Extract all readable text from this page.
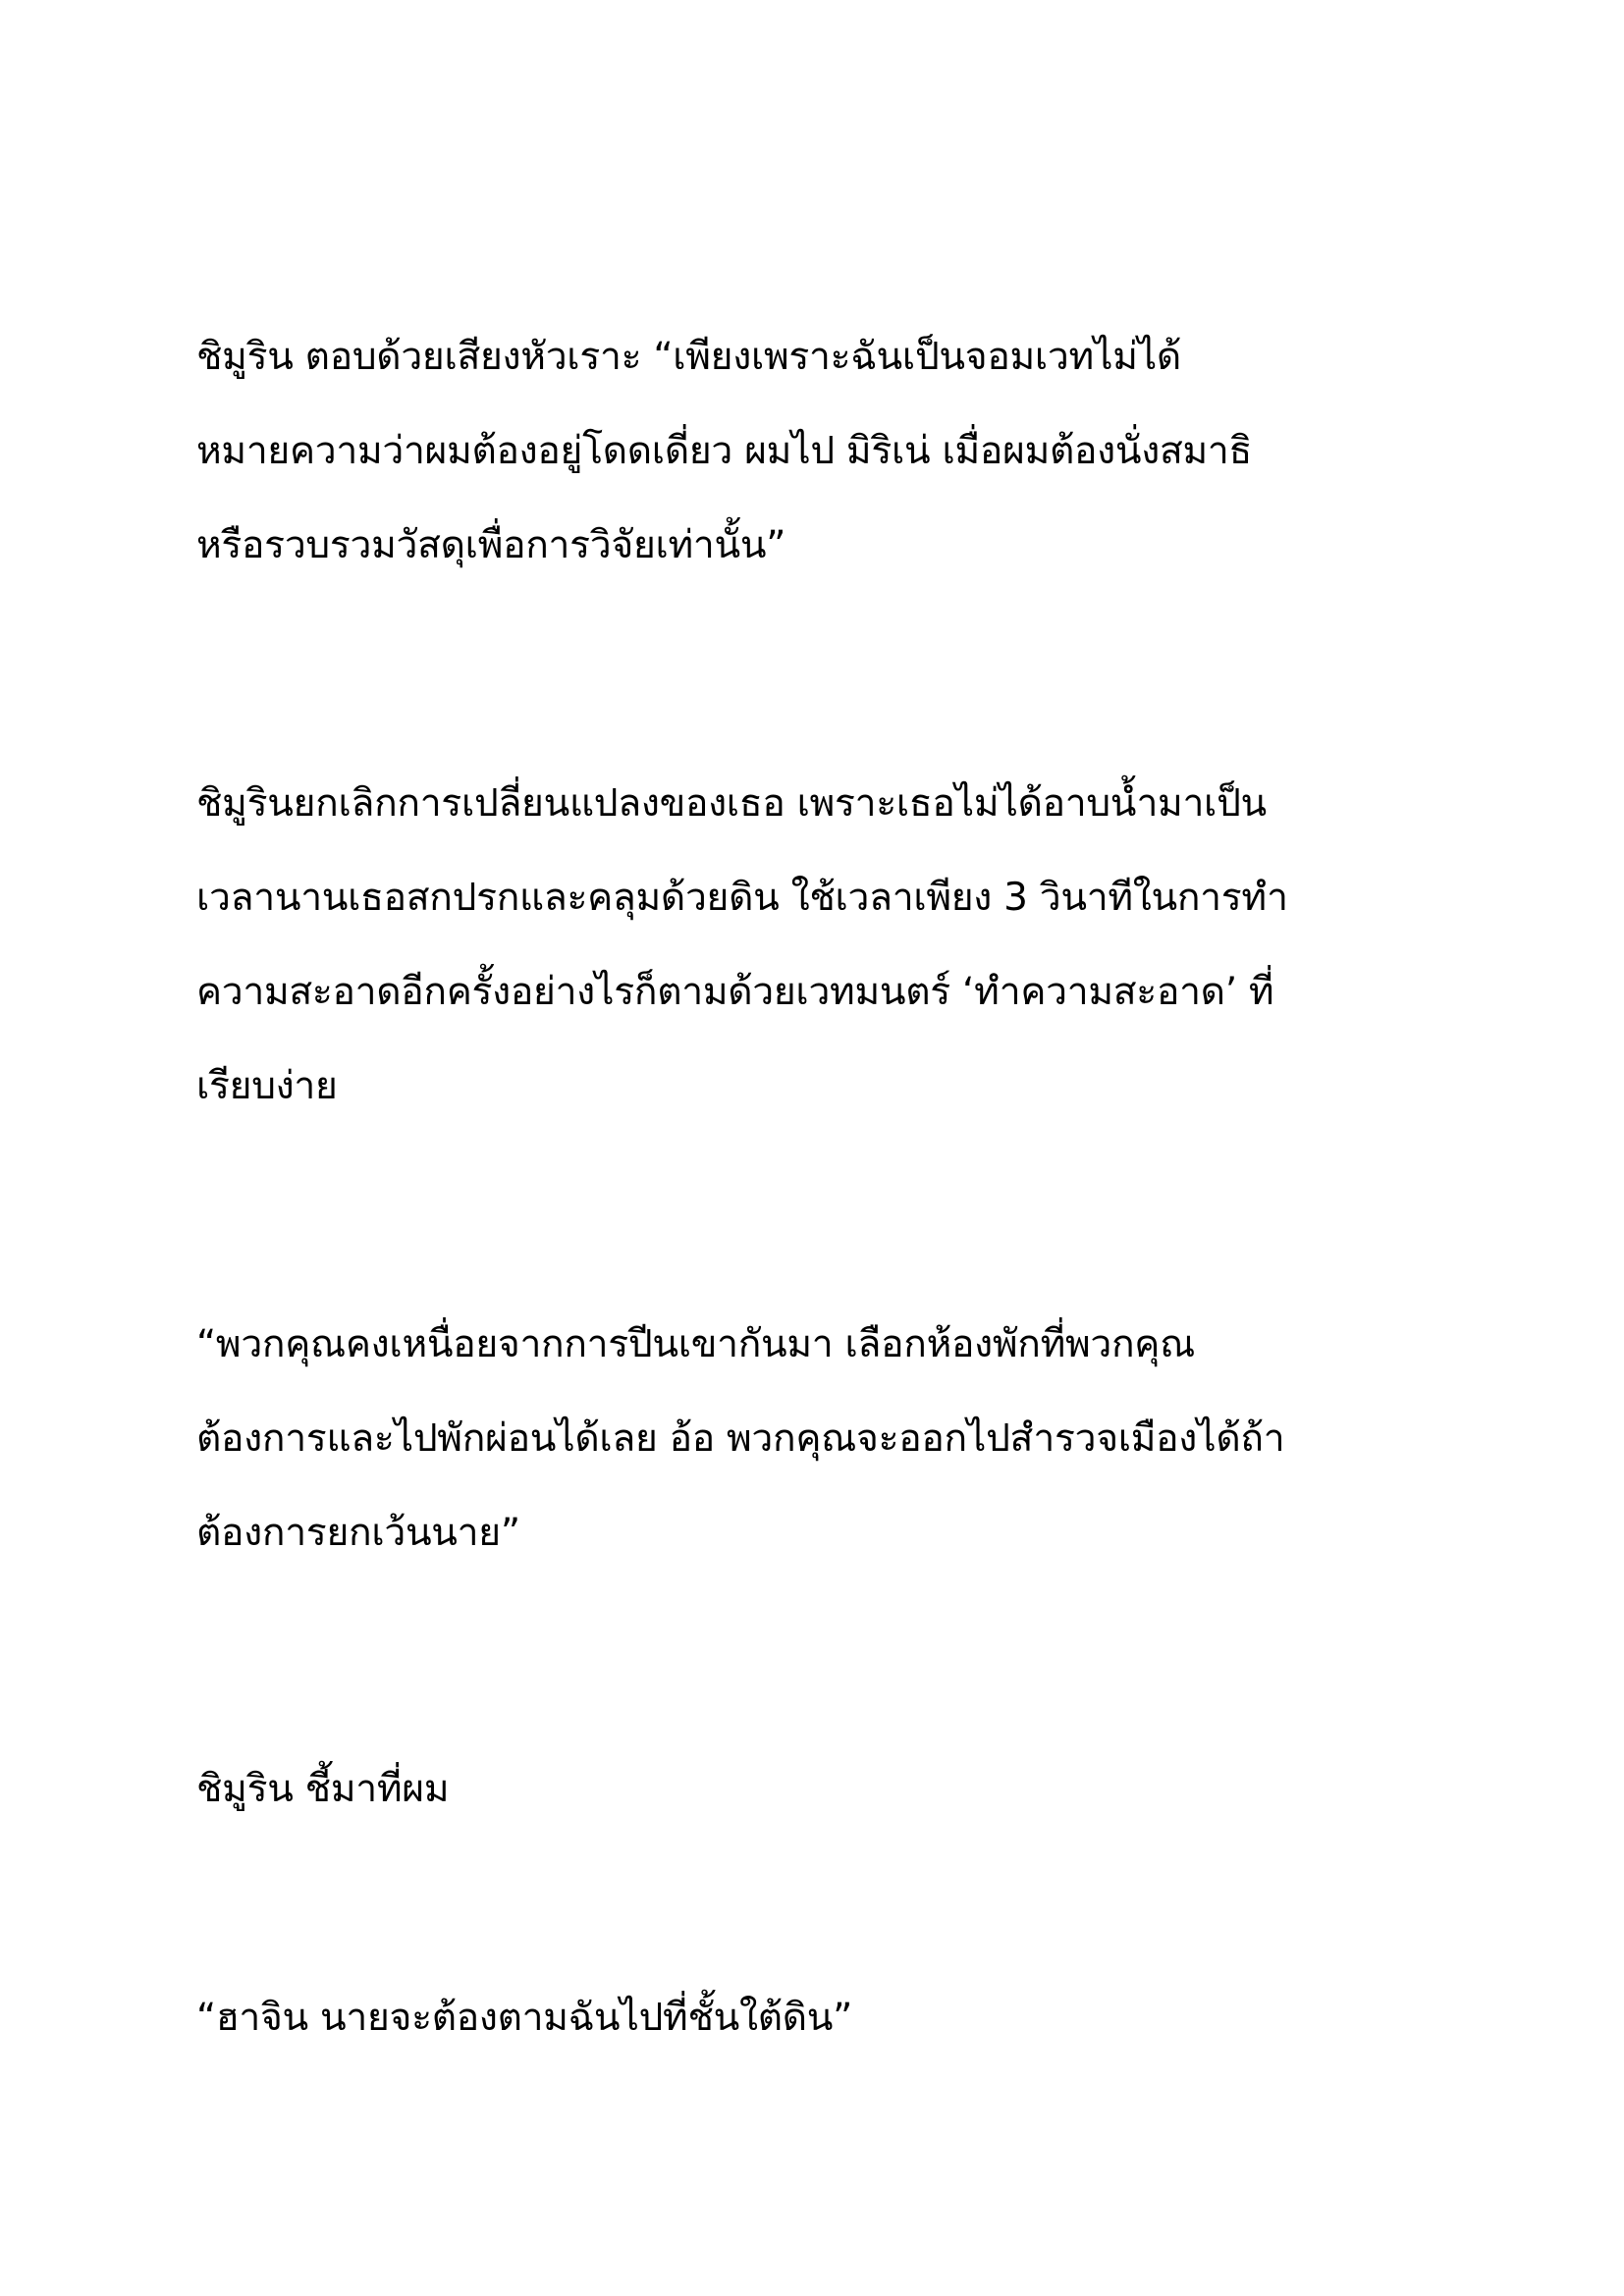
ชิมูริน ตอบด้วยเสียงหัวเราะ “เพียงเพราะฉันเป็นจอมเวทไม่ได้
หมายความว่าผมต้องอยู่โดดเดี่ยว ผมไป มิริเน่ เมื่อผมต้องนั่งสมาธิ
หรือรวบรวมวัสดุเพื่อการวิจัยเท่านั้น”
ชิมูรินยกเลิกการเปลี่ยนแปลงของเธอ เพราะเธอไม่ได้อาบน้ำมาเป็น
เวลานานเธอสกปรกและคลุมด้วยดิน ใช้เวลาเพียง 3 วินาทีในการทำ
ความสะอาดอีกครั้งอย่างไรก็ตามด้วยเวทมนตร์ ‘ทำความสะอาด’ ที่
เรียบง่าย
“พวกคุณคงเหนื่อยจากการปีนเขากันมา เลือกห้องพักที่พวกคุณ
ต้องการและไปพักผ่อนได้เลย อ้อ พวกคุณจะออกไปสำรวจเมืองได้ถ้า
ต้องการยกเว้นนาย”
ชิมูริน ชี้มาที่ผม
“ฮาจิน นายจะต้องตามฉันไปที่ชั้นใต้ดิน”
